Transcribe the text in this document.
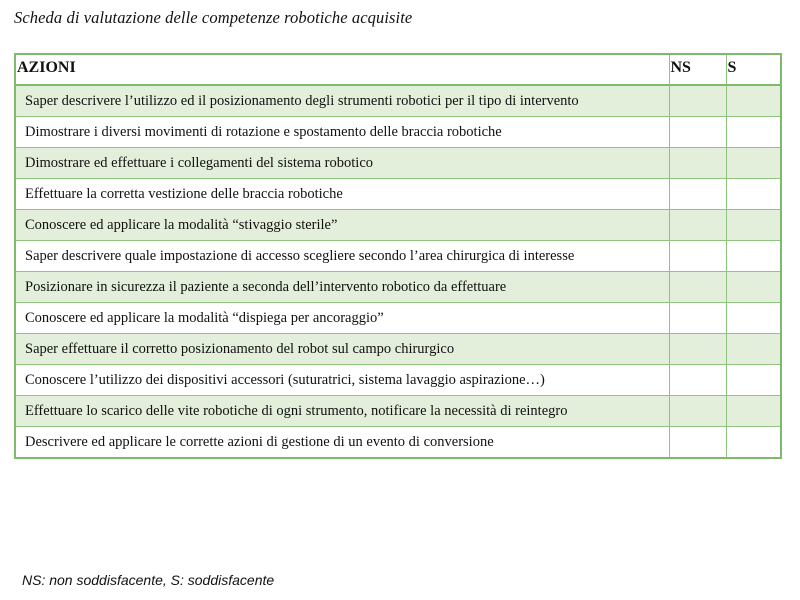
Scheda di valutazione delle competenze robotiche acquisite
AZIONI	NS	S
Saper descrivere l’utilizzo ed il posizionamento degli strumenti robotici per il tipo di intervento		
Dimostrare i diversi movimenti di rotazione e spostamento delle braccia robotiche		
Dimostrare ed effettuare i collegamenti del sistema robotico		
Effettuare la corretta vestizione delle braccia robotiche		
Conoscere ed applicare la modalità “stivaggio sterile”		
Saper descrivere quale impostazione di accesso scegliere secondo l’area chirurgica di interesse		
Posizionare in sicurezza il paziente a seconda dell’intervento robotico da effettuare		
Conoscere ed applicare la modalità “dispiega per ancoraggio”		
Saper effettuare il corretto posizionamento del robot sul campo chirurgico		
Conoscere l’utilizzo dei dispositivi accessori (suturatrici, sistema lavaggio aspirazione…)		
Effettuare lo scarico delle vite robotiche di ogni strumento, notificare la necessità di reintegro		
Descrivere ed applicare le corrette azioni di gestione di un evento di conversione		

NS: non soddisfacente, S: soddisfacente
